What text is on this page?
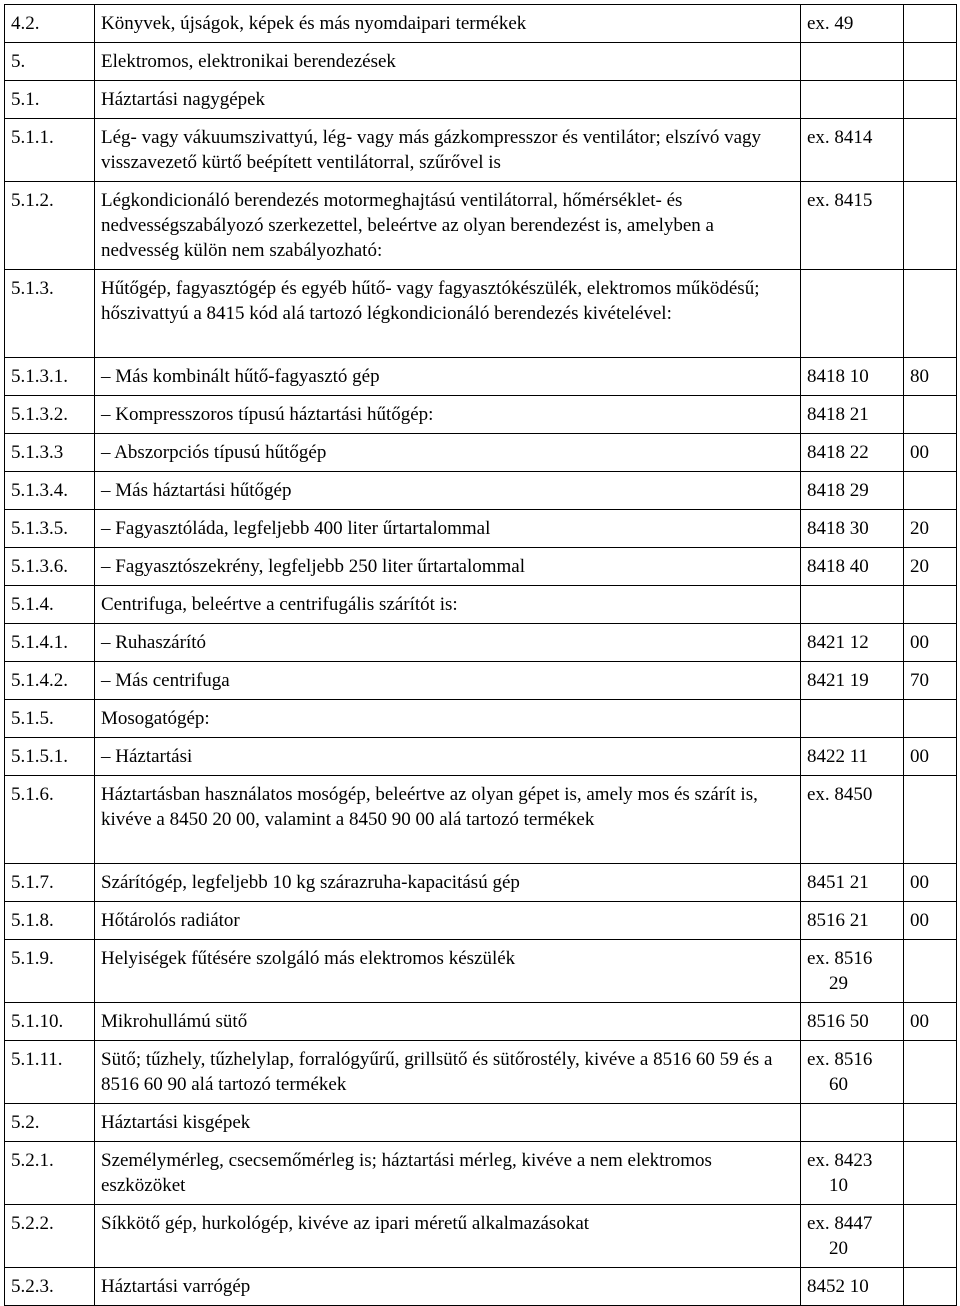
4.2.	Könyvek, újságok, képek és más nyomdaipari termékek	ex. 49	
5.	Elektromos, elektronikai berendezések		
5.1.	Háztartási nagygépek		
5.1.1.	Lég- vagy vákuumszivattyú, lég- vagy más gázkompresszor és ventilátor; elszívó vagy visszavezető kürtő beépített ventilátorral, szűrővel is	ex. 8414	
5.1.2.	Légkondicionáló berendezés motormeghajtású ventilátorral, hőmérséklet- és nedvességszabályozó szerkezettel, beleértve az olyan berendezést is, amelyben a nedvesség külön nem szabályozható:	ex. 8415	
5.1.3.	Hűtőgép, fagyasztógép és egyéb hűtő- vagy fagyasztókészülék, elektromos működésű; hőszivattyú a 8415 kód alá tartozó légkondicionáló berendezés kivételével:		
5.1.3.1.	– Más kombinált hűtő-fagyasztó gép	8418 10	80
5.1.3.2.	– Kompresszoros típusú háztartási hűtőgép:	8418 21	
5.1.3.3	– Abszorpciós típusú hűtőgép	8418 22	00
5.1.3.4.	– Más háztartási hűtőgép	8418 29	
5.1.3.5.	– Fagyasztóláda, legfeljebb 400 liter űrtartalommal	8418 30	20
5.1.3.6.	– Fagyasztószekrény, legfeljebb 250 liter űrtartalommal	8418 40	20
5.1.4.	Centrifuga, beleértve a centrifugális szárítót is:		
5.1.4.1.	– Ruhaszárító	8421 12	00
5.1.4.2.	– Más centrifuga	8421 19	70
5.1.5.	Mosogatógép:		
5.1.5.1.	– Háztartási	8422 11	00
5.1.6.	Háztartásban használatos mosógép, beleértve az olyan gépet is, amely mos és szárít is, kivéve a 8450 20 00, valamint a 8450 90 00 alá tartozó termékek	ex. 8450	
5.1.7.	Szárítógép, legfeljebb 10 kg szárazruha-kapacitású gép	8451 21	00
5.1.8.	Hőtárolós radiátor	8516 21	00
5.1.9.	Helyiségek fűtésére szolgáló más elektromos készülék	ex. 8516
29	
5.1.10.	Mikrohullámú sütő	8516 50	00
5.1.11.	Sütő; tűzhely, tűzhelylap, forralógyűrű, grillsütő és sütőrostély, kivéve a 8516 60 59 és a 8516 60 90 alá tartozó termékek	ex. 8516
60	
5.2.	Háztartási kisgépek		
5.2.1.	Személymérleg, csecsemőmérleg is; háztartási mérleg, kivéve a nem elektromos eszközöket	ex. 8423
10	
5.2.2.	Síkkötő gép, hurkológép, kivéve az ipari méretű alkalmazásokat	ex. 8447
20	
5.2.3.	Háztartási varrógép	8452 10	
